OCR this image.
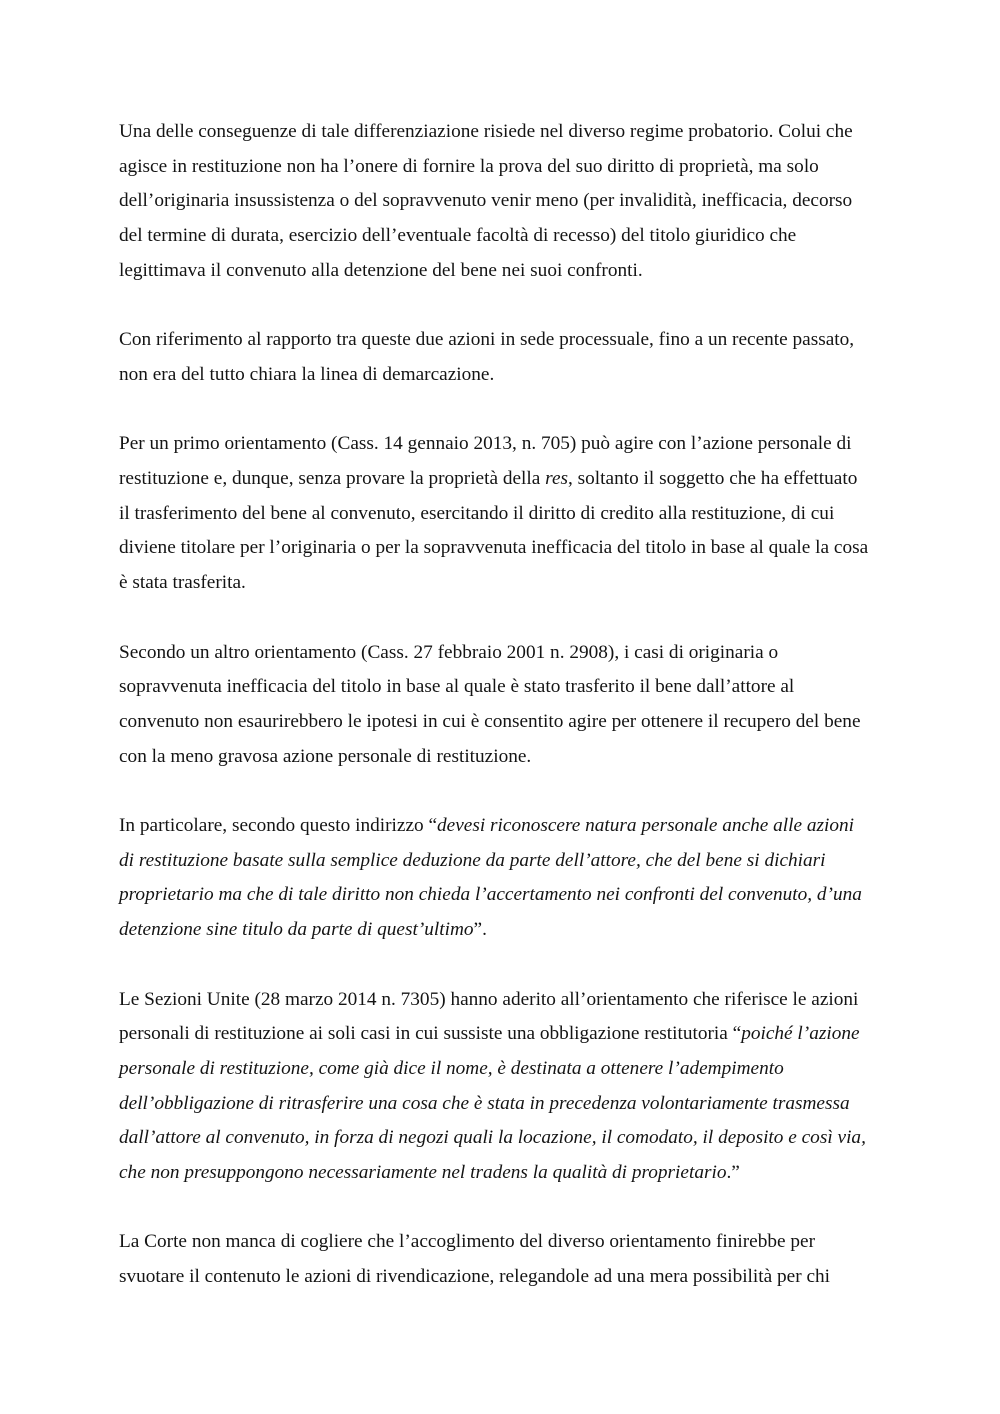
Una delle conseguenze di tale differenziazione risiede nel diverso regime probatorio. Colui che
agisce in restituzione non ha l’onere di fornire la prova del suo diritto di proprietà, ma solo
dell’originaria insussistenza o del sopravvenuto venir meno (per invalidità, inefficacia, decorso
del termine di durata, esercizio dell’eventuale facoltà di recesso) del titolo giuridico che
legittimava il convenuto alla detenzione del bene nei suoi confronti.

Con riferimento al rapporto tra queste due azioni in sede processuale, fino a un recente passato,
non era del tutto chiara la linea di demarcazione.

Per un primo orientamento (Cass. 14 gennaio 2013, n. 705) può agire con l’azione personale di
restituzione e, dunque, senza provare la proprietà della res, soltanto il soggetto che ha effettuato
il trasferimento del bene al convenuto, esercitando il diritto di credito alla restituzione, di cui
diviene titolare per l’originaria o per la sopravvenuta inefficacia del titolo in base al quale la cosa
è stata trasferita.

Secondo un altro orientamento (Cass. 27 febbraio 2001 n. 2908), i casi di originaria o
sopravvenuta inefficacia del titolo in base al quale è stato trasferito il bene dall’attore al
convenuto non esaurirebbero le ipotesi in cui è consentito agire per ottenere il recupero del bene
con la meno gravosa azione personale di restituzione.

In particolare, secondo questo indirizzo “devesi riconoscere natura personale anche alle azioni
di restituzione basate sulla semplice deduzione da parte dell’attore, che del bene si dichiari
proprietario ma che di tale diritto non chieda l’accertamento nei confronti del convenuto, d’una
detenzione sine titulo da parte di quest’ultimo”.

Le Sezioni Unite (28 marzo 2014 n. 7305) hanno aderito all’orientamento che riferisce le azioni
personali di restituzione ai soli casi in cui sussiste una obbligazione restitutoria “poiché l’azione
personale di restituzione, come già dice il nome, è destinata a ottenere l’adempimento
dell’obbligazione di ritrasferire una cosa che è stata in precedenza volontariamente trasmessa
dall’attore al convenuto, in forza di negozi quali la locazione, il comodato, il deposito e così via,
che non presuppongono necessariamente nel tradens la qualità di proprietario.”

La Corte non manca di cogliere che l’accoglimento del diverso orientamento finirebbe per
svuotare il contenuto le azioni di rivendicazione, relegandole ad una mera possibilità per chi
